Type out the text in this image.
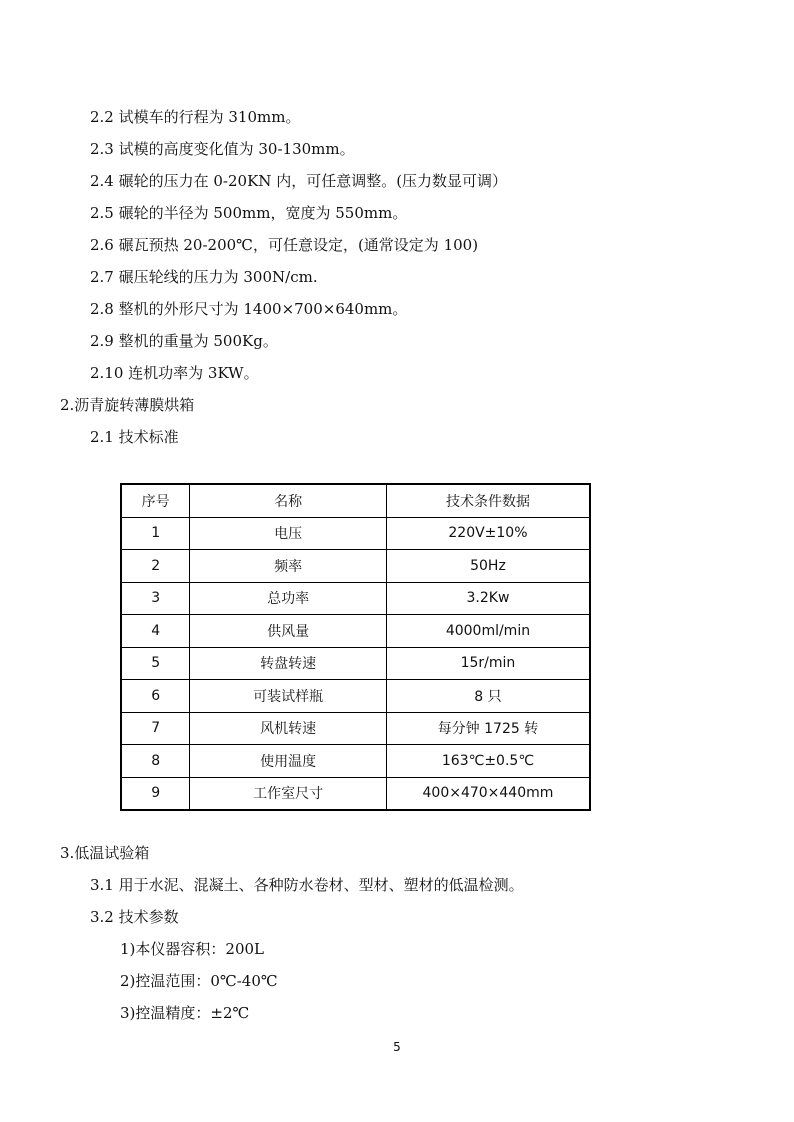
2.2 试模车的行程为 310mm。
2.3 试模的高度变化值为 30-130mm。
2.4 碾轮的压力在 0-20KN 内，可任意调整。(压力数显可调）
2.5 碾轮的半径为 500mm，宽度为 550mm。
2.6 碾瓦预热 20-200℃，可任意设定，(通常设定为 100)
2.7 碾压轮线的压力为 300N/cm.
2.8 整机的外形尺寸为 1400×700×640mm。
2.9 整机的重量为 500Kg。
2.10 连机功率为 3KW。
2.沥青旋转薄膜烘箱
2.1 技术标准
序号	名称	技术条件数据
1	电压	220V±10%
2	频率	50Hz
3	总功率	3.2Kw
4	供风量	4000ml/min
5	转盘转速	15r/min
6	可装试样瓶	8 只
7	风机转速	每分钟 1725 转
8	使用温度	163℃±0.5℃
9	工作室尺寸	400×470×440mm
3.低温试验箱
3.1 用于水泥、混凝土、各种防水卷材、型材、塑材的低温检测。
3.2 技术参数
1)本仪器容积：200L
2)控温范围：0℃-40℃
3)控温精度：±2℃
5
